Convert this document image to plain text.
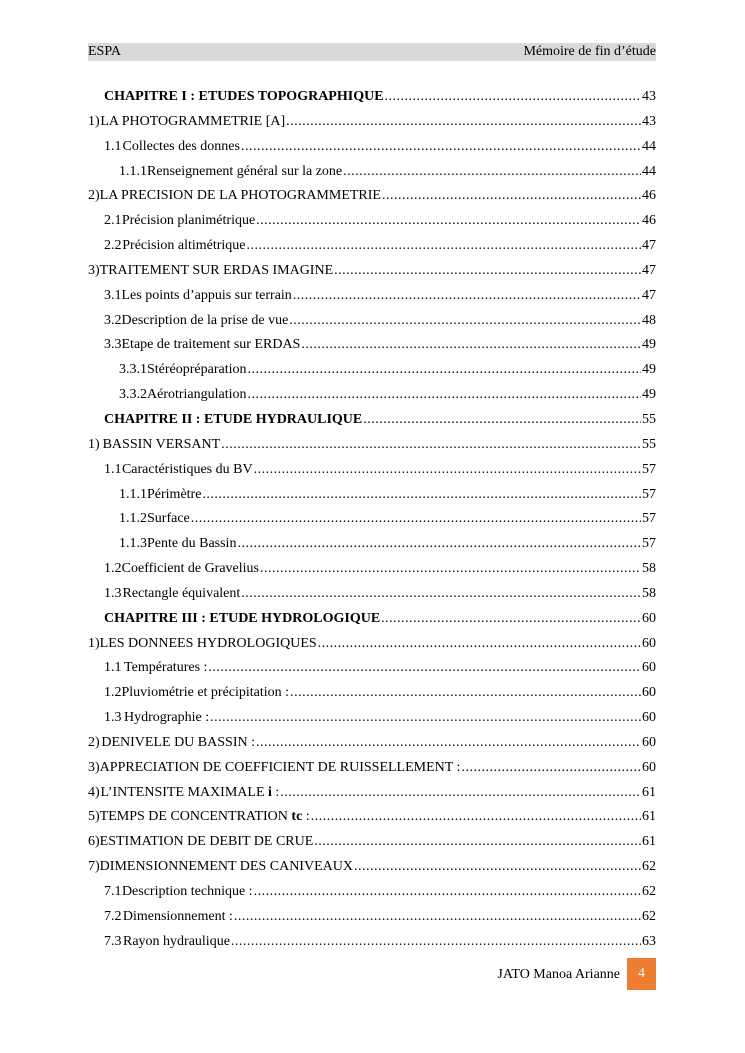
ESPA	Mémoire de fin d’étude
CHAPITRE I : ETUDES TOPOGRAPHIQUE .....	43
1) LA PHOTOGRAMMETRIE [A] .....	43
1.1 Collectes des donnes .....	44
1.1.1 Renseignement général sur la zone .....	44
2) LA PRECISION DE LA PHOTOGRAMMETRIE .....	46
2.1 Précision planimétrique .....	46
2.2 Précision altimétrique .....	47
3) TRAITEMENT SUR ERDAS IMAGINE .....	47
3.1 Les points d’appuis sur terrain .....	47
3.2 Description de la prise de vue .....	48
3.3 Etape de traitement sur ERDAS .....	49
3.3.1 Stéréopréparation .....	49
3.3.2 Aérotriangulation .....	49
CHAPITRE II : ETUDE HYDRAULIQUE .....	55
1) BASSIN VERSANT .....	55
1.1 Caractéristiques du BV .....	57
1.1.1 Périmètre .....	57
1.1.2 Surface .....	57
1.1.3 Pente du Bassin .....	57
1.2 Coefficient de Gravelius .....	58
1.3 Rectangle équivalent .....	58
CHAPITRE III : ETUDE HYDROLOGIQUE .....	60
1) LES DONNEES HYDROLOGIQUES .....	60
1.1 Températures : .....	60
1.2 Pluviométrie et précipitation : .....	60
1.3 Hydrographie : .....	60
2) DENIVELE DU BASSIN : .....	60
3) APPRECIATION DE COEFFICIENT DE RUISSELLEMENT : .....	60
4) L’INTENSITE MAXIMALE i : .....	61
5) TEMPS DE CONCENTRATION tc : .....	61
6) ESTIMATION DE DEBIT DE CRUE .....	61
7) DIMENSIONNEMENT DES CANIVEAUX .....	62
7.1 Description technique : .....	62
7.2 Dimensionnement : .....	62
7.3 Rayon hydraulique .....	63
JATO Manoa Arianne	4
